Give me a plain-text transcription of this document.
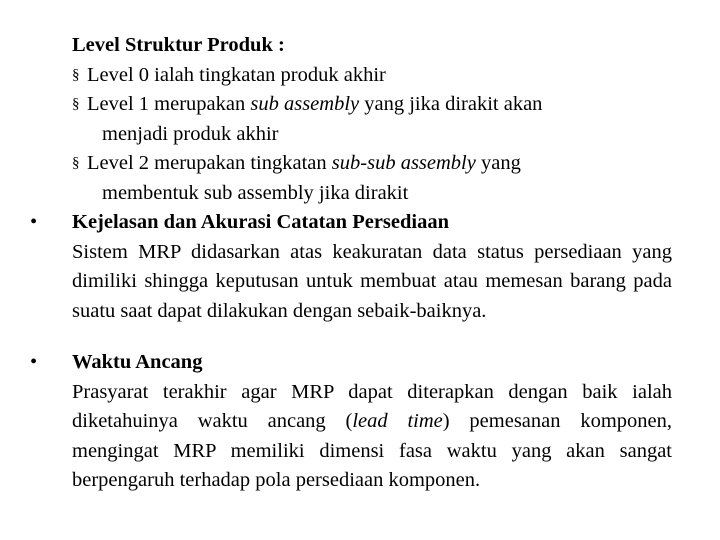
Level Struktur Produk :
§ Level 0 ialah tingkatan produk akhir
§ Level 1 merupakan sub assembly yang jika dirakit akan
menjadi produk akhir
§ Level 2 merupakan tingkatan sub-sub assembly yang
membentuk sub assembly jika dirakit
•	Kejelasan dan Akurasi Catatan Persediaan
Sistem MRP didasarkan atas keakuratan data status persediaan yang dimiliki shingga keputusan untuk membuat atau memesan barang pada suatu saat dapat dilakukan dengan sebaik-baiknya.
•	Waktu Ancang
Prasyarat terakhir agar MRP dapat diterapkan dengan baik ialah diketahuinya waktu ancang (lead time) pemesanan komponen, mengingat MRP memiliki dimensi fasa waktu yang akan sangat berpengaruh terhadap pola persediaan komponen.
